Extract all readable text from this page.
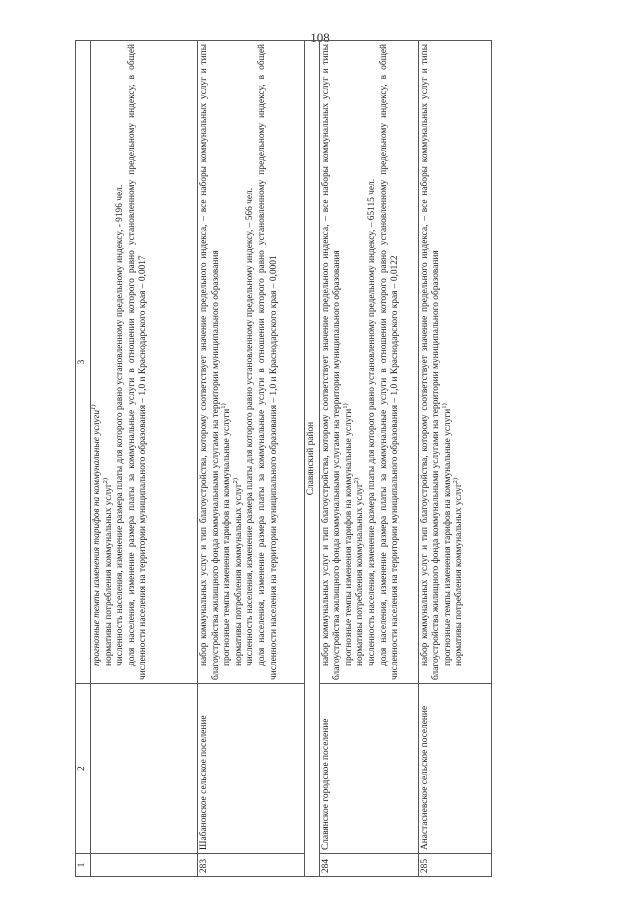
108
1	2	3

		прогнозные темпы изменения тарифов на коммунальные услуги$^{1)}$

нормативы потребления коммунальных услуг$^{2)}$ численность населения, изменение размера платы для которого равно установленному предельному индексу, - 9196 чел. доля населения, изменение размера платы за коммунальные услуги в отношении которого равно установленному предельному индексу, в общей численности населения на территории муниципального образования – 1,0 и Краснодарского края – 0,0017

283	Шабановское сельское поселение	набор коммунальных услуг и тип благоустройства, которому соответствует значение предельного индекса, – все наборы коммунальных услуг и типы благоустройства жилищного фонда коммунальными услугами на территории муниципального образования прогнозные темпы изменения тарифов на коммунальные услуги$^{1)}$

нормативы потребления коммунальных услуг$^{2)}$ численность населения, изменение размера платы для которого равно установленному предельному индексу, – 566 чел. доля населения, изменение размера платы за коммунальные услуги в отношении которого равно установленному предельному индексу, в общей численности населения на территории муниципального образования – 1,0 и Краснодарского края – 0,0001

Славянский район		
284	Славянское городское поселение	набор коммунальных услуг и тип благоустройства, которому соответствует значение предельного индекса, – все наборы коммунальных услуг и типы благоустройства жилищного фонда коммунальными услугами на территории муниципального образования прогнозные темпы изменения тарифов на коммунальные услуги$^{1)}$

нормативы потребления коммунальных услуг$^{2)}$ численность населения, изменение размера платы для которого равно установленному предельному индексу, – 65115 чел. доля населения, изменение размера платы за коммунальные услуги в отношении которого равно установленному предельному индексу, в общей численности населения на территории муниципального образования – 1,0 и Краснодарского края – 0,0122

285	Анастасиевское сельское поселение	набор коммунальных услуг и тип благоустройства, которому соответствует значение предельного индекса, – все наборы коммунальных услуг и типы благоустройства жилищного фонда коммунальными услугами на территории муниципального образования прогнозные темпы изменения тарифов на коммунальные услуги$^{1)}$

нормативы потребления коммунальных услуг$^{2)}$
